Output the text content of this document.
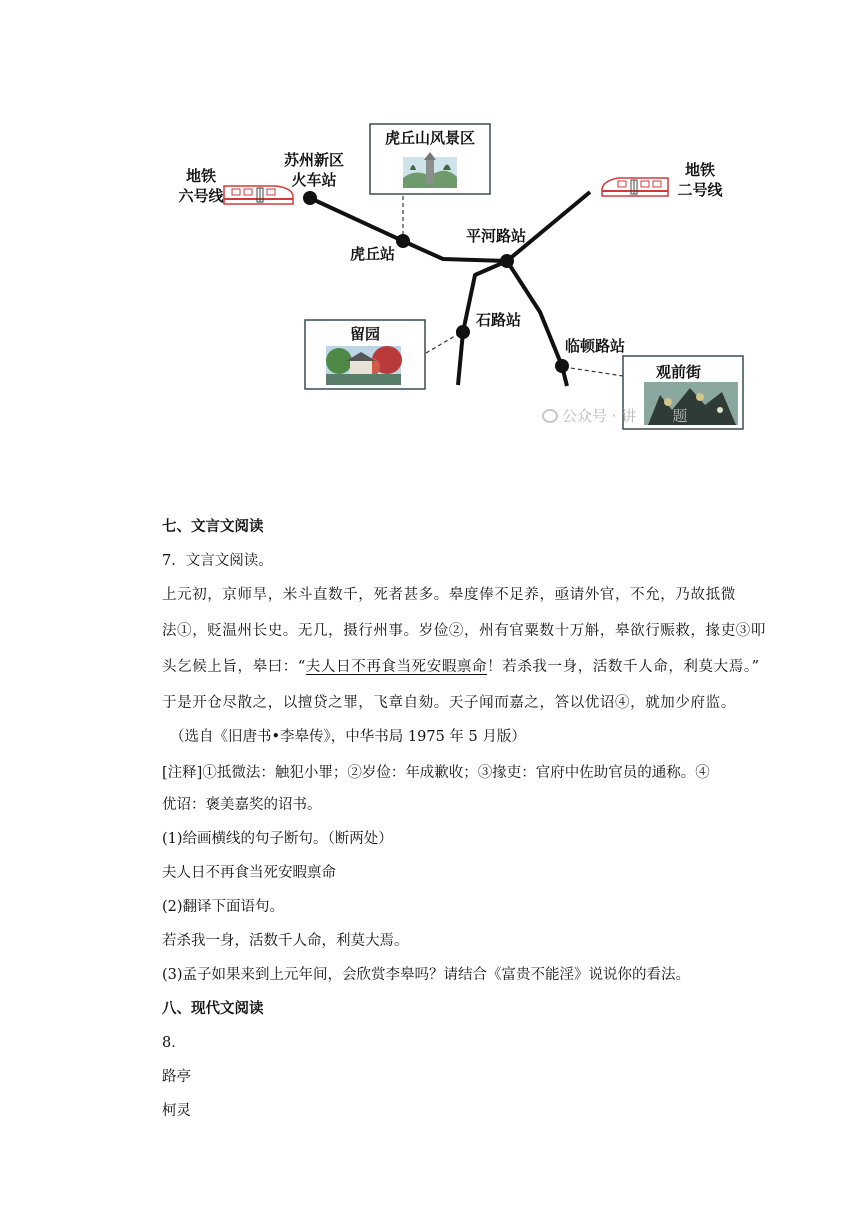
地铁
六号线
地铁
二号线
苏州新区
火车站
虎丘站
平河路站
石路站
临顿路站
虎丘山风景区
留园
观前街
公众号 · 讲 题
七、文言文阅读
7．文言文阅读。
上元初，京师旱，米斗直数千，死者甚多。皋度俸不足养，亟请外官，不允，乃故抵微
法①，贬温州长史。无几，摄行州事。岁俭②，州有官粟数十万斛，皋欲行赈救，掾吏③叩
头乞候上旨，皋曰：“夫人日不再食当死安暇禀命！若杀我一身，活数千人命，利莫大焉。”
于是开仓尽散之，以擅贷之罪，飞章自劾。天子闻而嘉之，答以优诏④，就加少府监。
（选自《旧唐书•李皋传》，中华书局 1975 年 5 月版）
[注释]①抵微法：触犯小罪；②岁俭：年成歉收；③掾吏：官府中佐助官员的通称。④
优诏：褒美嘉奖的诏书。
(1)给画横线的句子断句。（断两处）
夫人日不再食当死安暇禀命
(2)翻译下面语句。
若杀我一身，活数千人命，利莫大焉。
(3)孟子如果来到上元年间，会欣赏李皋吗？请结合《富贵不能淫》说说你的看法。
八、现代文阅读
8．
路亭
柯灵
